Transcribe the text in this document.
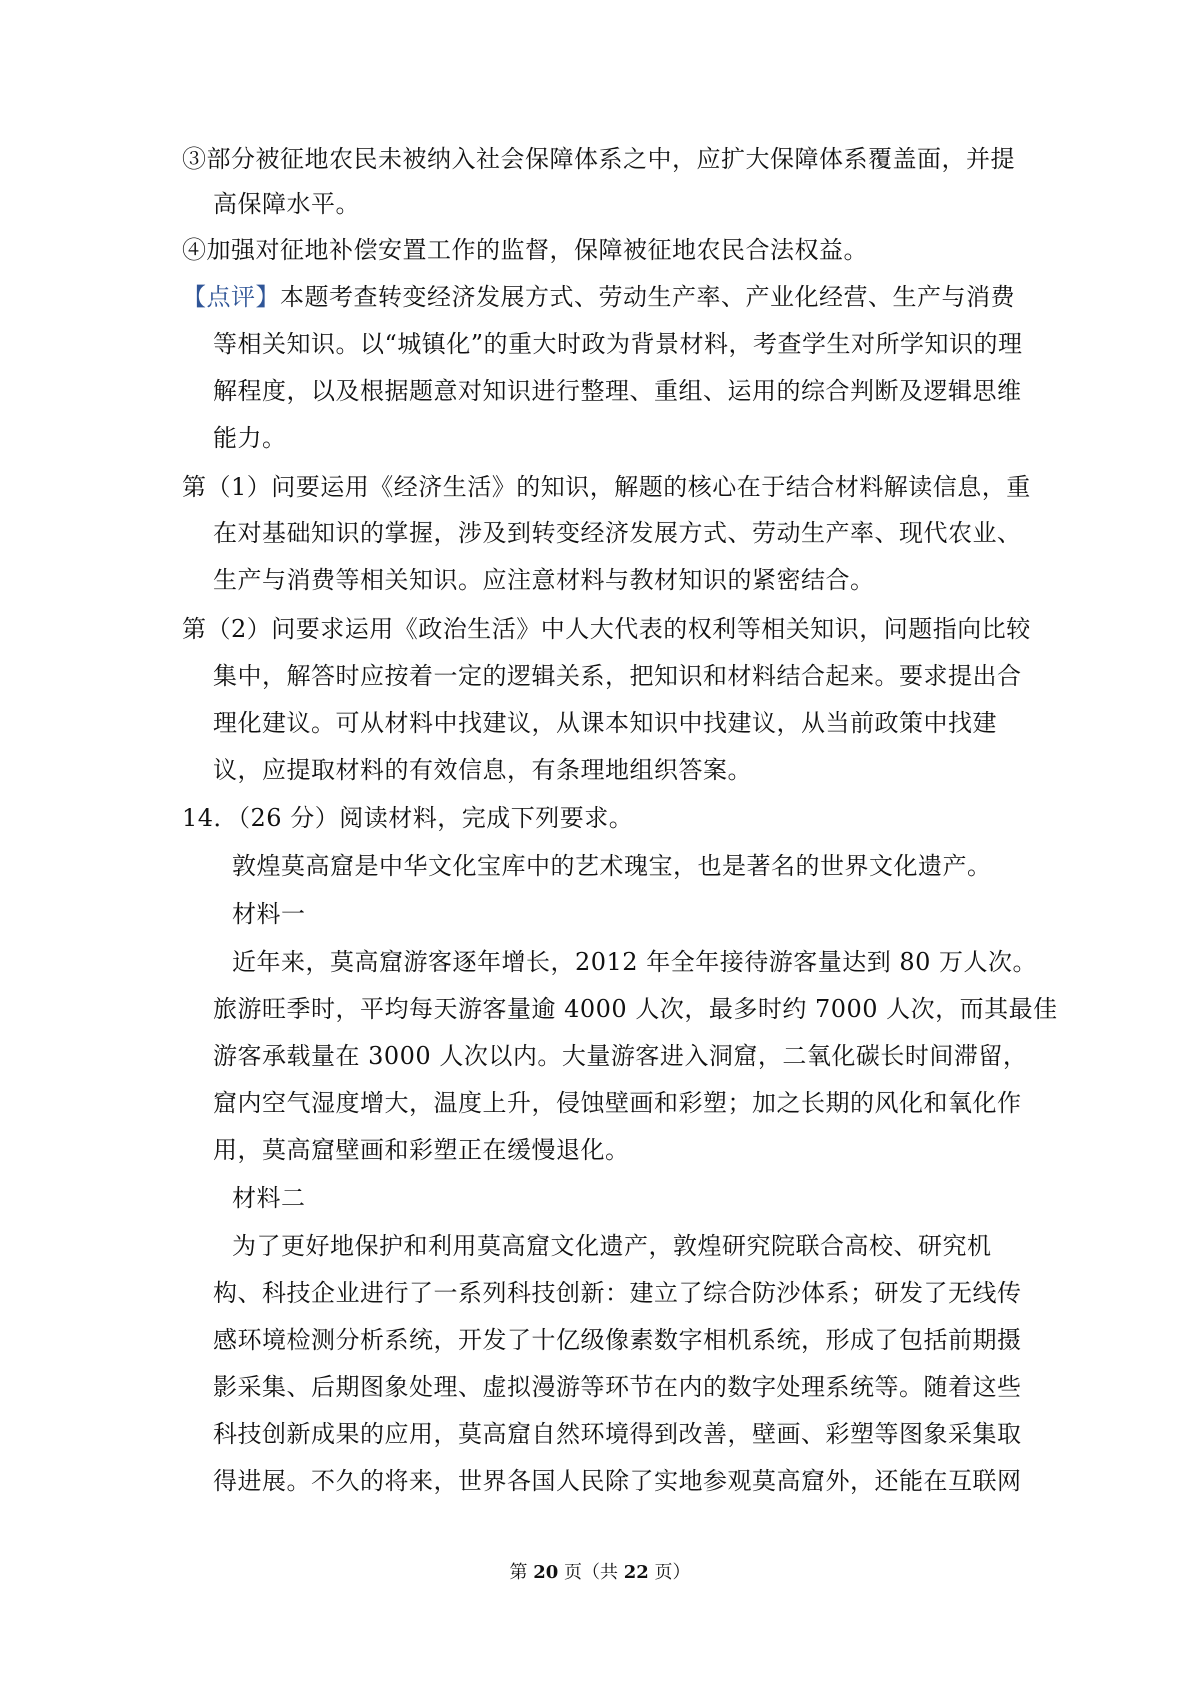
③部分被征地农民未被纳入社会保障体系之中，应扩大保障体系覆盖面，并提
高保障水平。
④加强对征地补偿安置工作的监督，保障被征地农民合法权益。
【点评】本题考查转变经济发展方式、劳动生产率、产业化经营、生产与消费
等相关知识。以“城镇化”的重大时政为背景材料，考查学生对所学知识的理
解程度，以及根据题意对知识进行整理、重组、运用的综合判断及逻辑思维
能力。
第（1）问要运用《经济生活》的知识，解题的核心在于结合材料解读信息，重
在对基础知识的掌握，涉及到转变经济发展方式、劳动生产率、现代农业、
生产与消费等相关知识。应注意材料与教材知识的紧密结合。
第（2）问要求运用《政治生活》中人大代表的权利等相关知识，问题指向比较
集中，解答时应按着一定的逻辑关系，把知识和材料结合起来。要求提出合
理化建议。可从材料中找建议，从课本知识中找建议，从当前政策中找建
议，应提取材料的有效信息，有条理地组织答案。
14．（26 分）阅读材料，完成下列要求。
敦煌莫高窟是中华文化宝库中的艺术瑰宝，也是著名的世界文化遗产。
材料一
近年来，莫高窟游客逐年增长，2012 年全年接待游客量达到 80 万人次。
旅游旺季时，平均每天游客量逾 4000 人次，最多时约 7000 人次，而其最佳
游客承载量在 3000 人次以内。大量游客进入洞窟，二氧化碳长时间滞留，
窟内空气湿度增大，温度上升，侵蚀壁画和彩塑；加之长期的风化和氧化作
用，莫高窟壁画和彩塑正在缓慢退化。
材料二
为了更好地保护和利用莫高窟文化遗产，敦煌研究院联合高校、研究机
构、科技企业进行了一系列科技创新：建立了综合防沙体系；研发了无线传
感环境检测分析系统，开发了十亿级像素数字相机系统，形成了包括前期摄
影采集、后期图象处理、虚拟漫游等环节在内的数字处理系统等。随着这些
科技创新成果的应用，莫高窟自然环境得到改善，壁画、彩塑等图象采集取
得进展。不久的将来，世界各国人民除了实地参观莫高窟外，还能在互联网
第 20 页（共 22 页）
